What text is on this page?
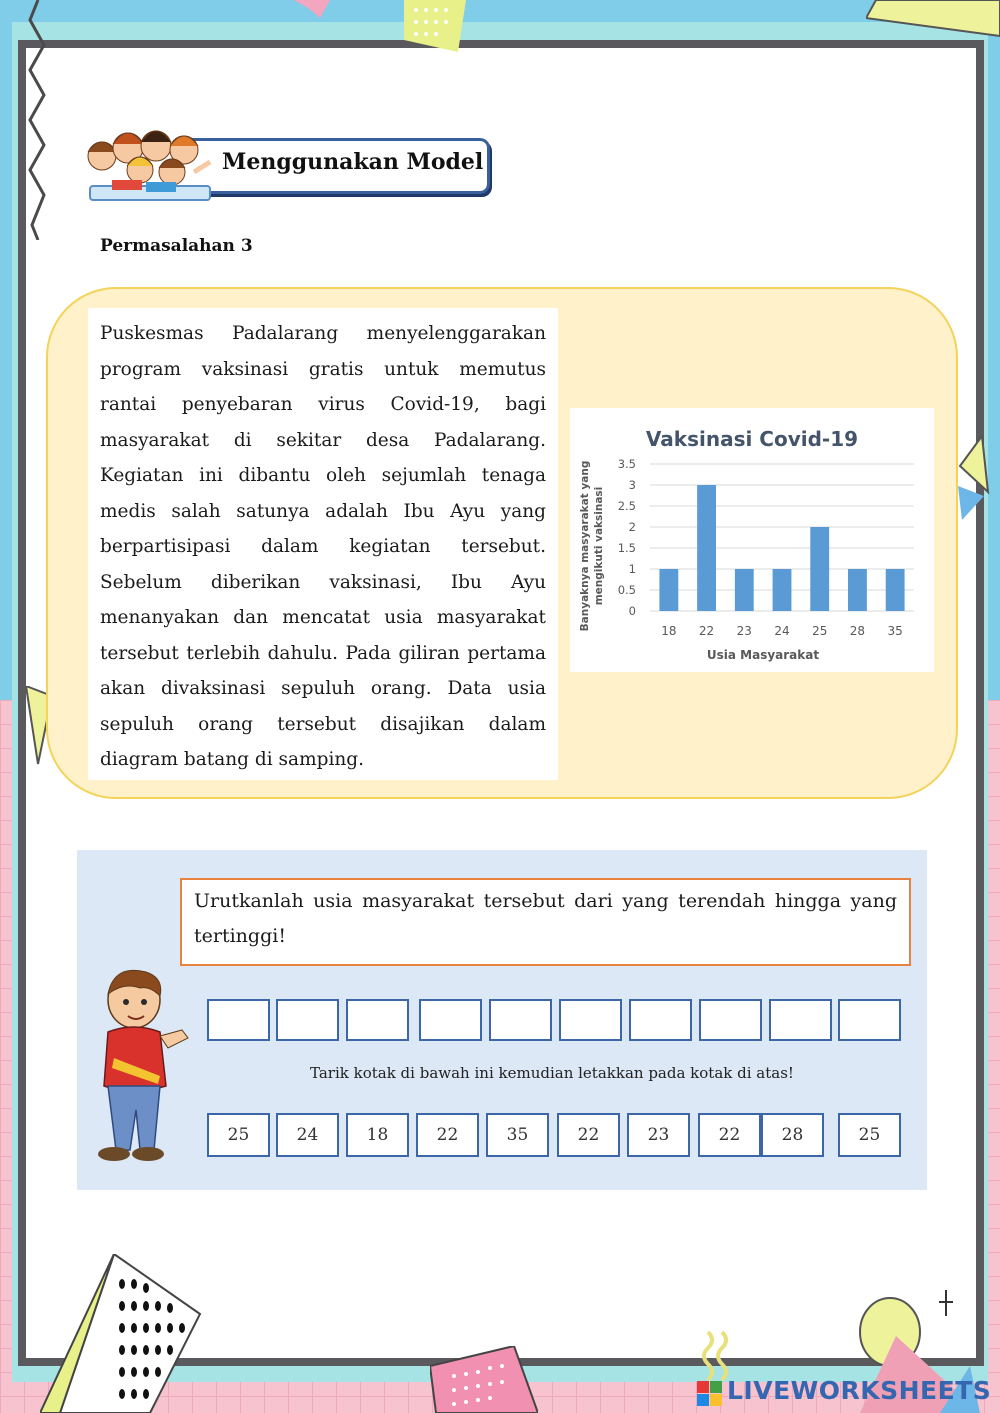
Menggunakan Model
Permasalahan 3

Puskesmas Padalarang menyelenggarakan program vaksinasi gratis untuk memutus rantai penyebaran virus Covid-19, bagi masyarakat di sekitar desa Padalarang. Kegiatan ini dibantu oleh sejumlah tenaga medis salah satunya adalah Ibu Ayu yang berpartisipasi dalam kegiatan tersebut. Sebelum diberikan vaksinasi, Ibu Ayu menanyakan dan mencatat usia masyarakat tersebut terlebih dahulu. Pada giliran pertama akan divaksinasi sepuluh orang. Data usia sepuluh orang tersebut disajikan dalam diagram batang di samping.

Vaksinasi Covid-19
0
0.5
1
1.5
2
2.5
3
3.5
18 22 23 24 25 28 35
Usia Masyarakat
Banyaknya masyarakat yang mengikuti vaksinasi

Urutkanlah usia masyarakat tersebut dari yang terendah hingga yang tertinggi!

Tarik kotak di bawah ini kemudian letakkan pada kotak di atas!
25	24	18	22	35	22	23	22	28	25
LIVEWORKSHEETS
